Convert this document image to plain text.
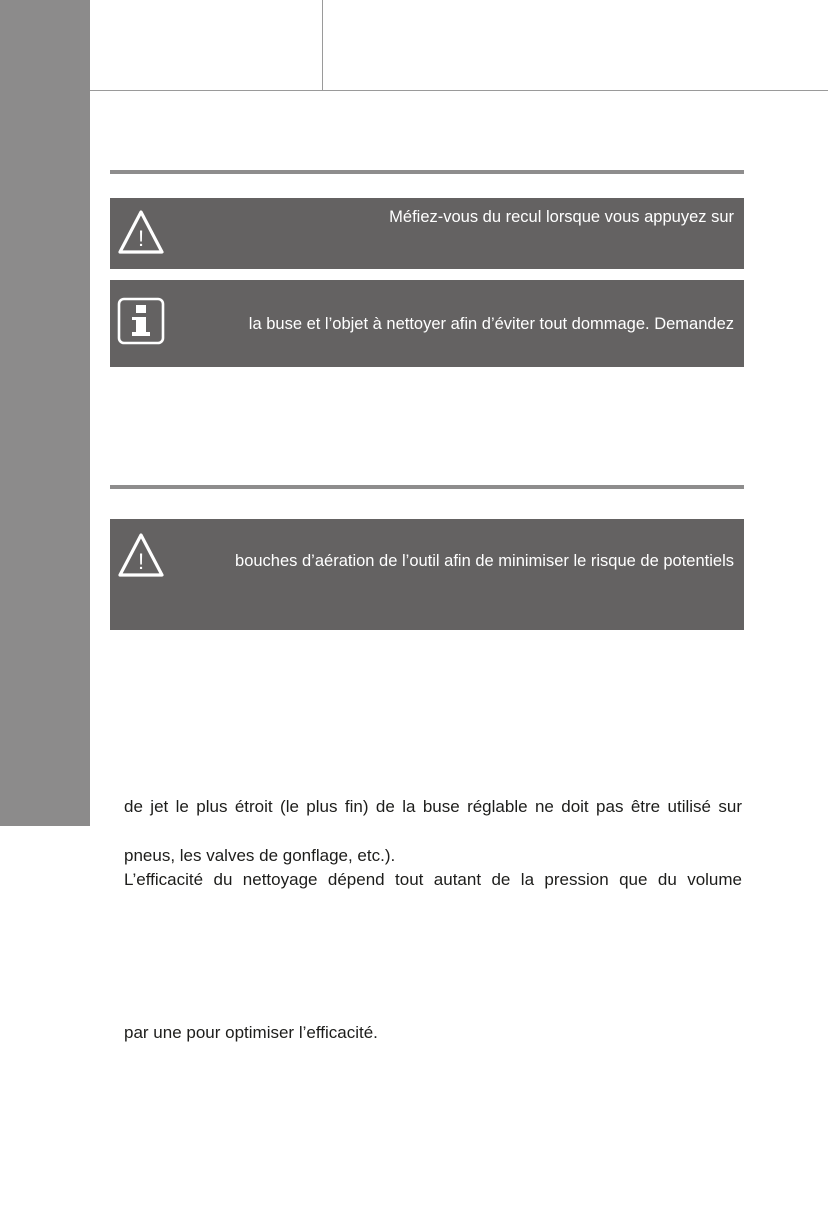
!
Méfiez-vous du recul lorsque vous appuyez sur
la buse et l’objet à nettoyer afin d’éviter tout dommage. Demandez
!	bouches d’aération de l’outil afin de minimiser le risque de potentiels
de jet le plus étroit (le plus fin) de la buse réglable ne doit pas être utilisé sur
pneus, les valves de gonflage, etc.).
L’efficacité du nettoyage dépend tout autant de la pression que du volume
par une pour optimiser l’efficacité.
